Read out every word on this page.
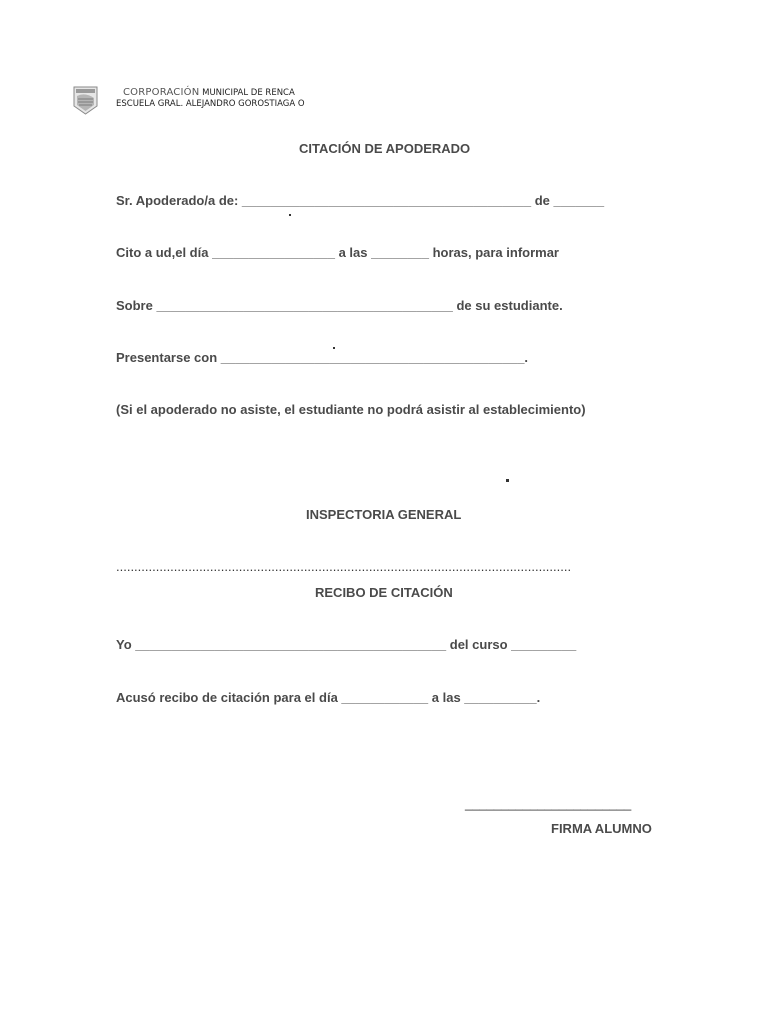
CORPORACIÓN MUNICIPAL DE RENCA
ESCUELA GRAL. ALEJANDRO GOROSTIAGA O
CITACIÓN DE APODERADO
Sr. Apoderado/a de: ________________________________________ de _______
Cito a ud,el día _________________ a las ________ horas, para informar
Sobre _________________________________________ de su estudiante.
Presentarse con __________________________________________.
(Si el apoderado no asiste, el estudiante no podrá asistir al establecimiento)
INSPECTORIA GENERAL
..............................................................................................................................
RECIBO DE CITACIÓN
Yo ___________________________________________ del curso _________
Acusó recibo de citación para el día ____________ a las __________.
_______________________
FIRMA ALUMNO
